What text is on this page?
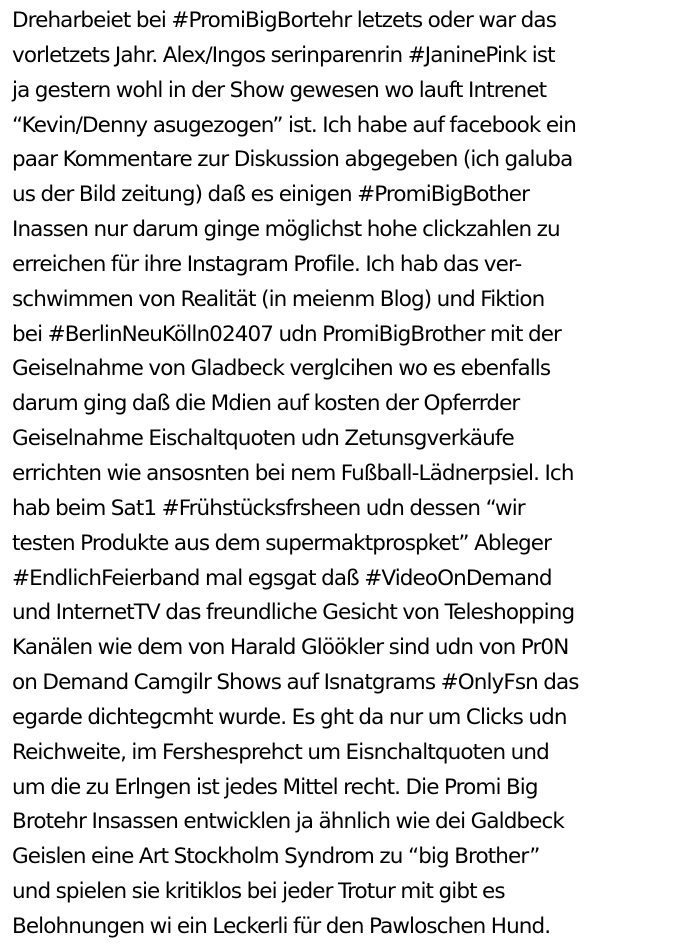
Dreharbeiet bei #PromiBigBortehr letzets oder war das
vorletzets Jahr. Alex/Ingos serinparenrin #JaninePink ist
ja gestern wohl in der Show gewesen wo lauft Intrenet
“Kevin/Denny asugezogen” ist. Ich habe auf facebook ein
paar Kommentare zur Diskussion abgegeben (ich galuba
us der Bild zeitung) daß es einigen #PromiBigBother
Inassen nur darum ginge möglichst hohe clickzahlen zu
erreichen für ihre Instagram Profile. Ich hab das ver-
schwimmen von Realität (in meienm Blog) und Fiktion
bei #BerlinNeuKölln02407 udn PromiBigBrother mit der
Geiselnahme von Gladbeck verglcihen wo es ebenfalls
darum ging daß die Mdien auf kosten der Opferrder
Geiselnahme Eischaltquoten udn Zetunsgverkäufe
errichten wie ansosnten bei nem Fußball-Lädnerpsiel. Ich
hab beim Sat1 #Frühstücksfrsheen udn dessen “wir
testen Produkte aus dem supermaktprospket” Ableger
#EndlichFeierband mal egsgat daß #VideoOnDemand
und InternetTV das freundliche Gesicht von Teleshopping
Kanälen wie dem von Harald Glöökler sind udn von Pr0N
on Demand Camgilr Shows auf Isnatgrams #OnlyFsn das
egarde dichtegcmht wurde. Es ght da nur um Clicks udn
Reichweite, im Fershesprehct um Eisnchaltquoten und
um die zu Erlngen ist jedes Mittel recht. Die Promi Big
Brotehr Insassen entwicklen ja ähnlich wie dei Galdbeck
Geislen eine Art Stockholm Syndrom zu “big Brother”
und spielen sie kritiklos bei jeder Trotur mit gibt es
Belohnungen wi ein Leckerli für den Pawloschen Hund.
